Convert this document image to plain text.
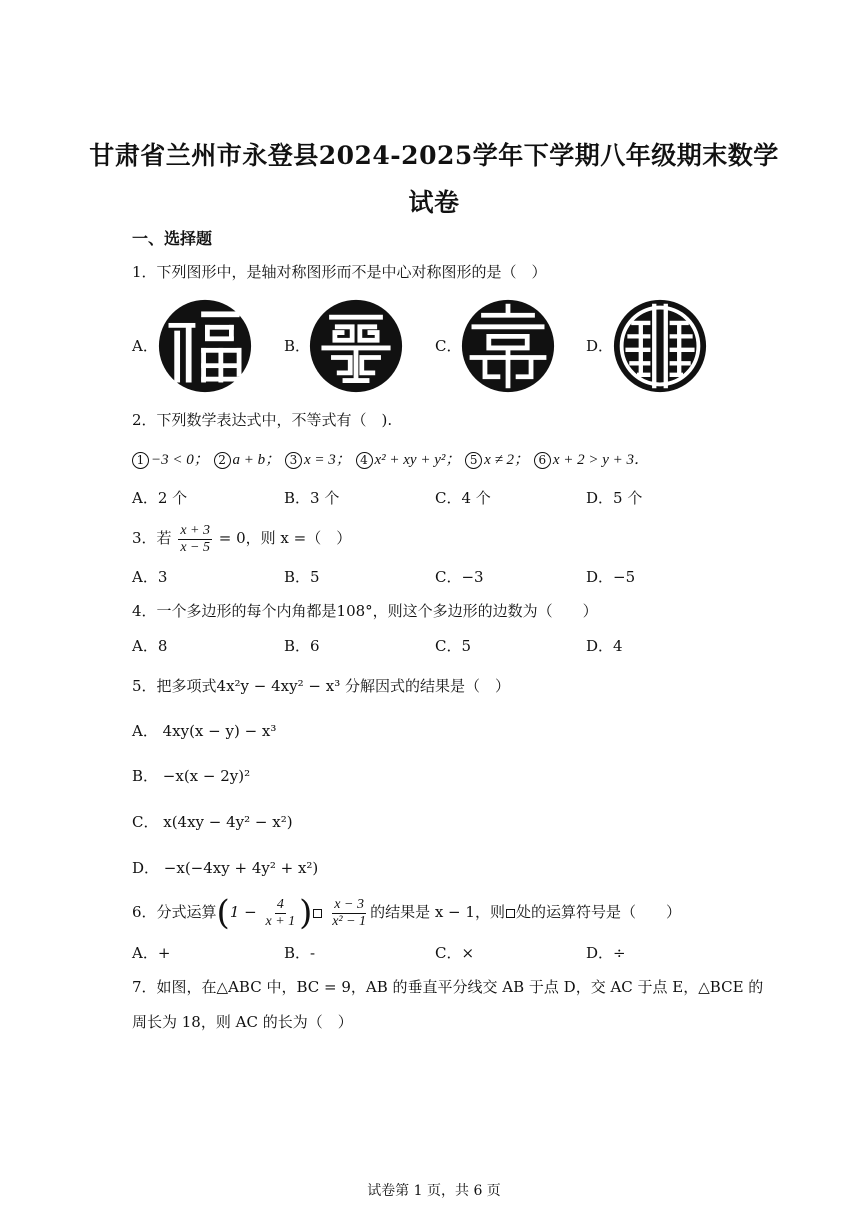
甘肃省兰州市永登县2024-2025学年下学期八年级期末数学
试卷
一、选择题
1．下列图形中，是轴对称图形而不是中心对称图形的是（　）
A．	B．	C．	D．
2．下列数学表达式中，不等式有（　).
1 −3 < 0； 2 a + b； 3 x = 3； 4 x² + xy + y²； 5 x ≠ 2； 6 x + 2 > y + 3．
A．2 个	B．3 个	C．4 个	D．5 个
3．若 $\frac{x + 3}{x - 5} = 0$，则 x =（　）
A．3	B．5	C．−3	D．−5
4．一个多边形的每个内角都是108°，则这个多边形的边数为（　　）
A．8	B．6	C．5	D．4
5．把多项式4x²y − 4xy² − x³ 分解因式的结果是（　）
A． 4xy(x − y) − x³
B． −x(x − 2y)²
C． x(4xy − 4y² − x²)
D． −x(−4xy + 4y² + x²)
6．分式运算($1 - \frac{4}{x + 1}$ ) $\frac{x - 3}{\text{x² − 1}}$ 的结果是 x − 1，则 处的运算符号是（　　）
A．+	B．-	C．×	D．÷
7．如图，在△ABC 中，BC = 9，AB 的垂直平分线交 AB 于点 D，交 AC 于点 E，△BCE 的
周长为 18，则 AC 的长为（　）
试卷第 1 页，共 6 页
